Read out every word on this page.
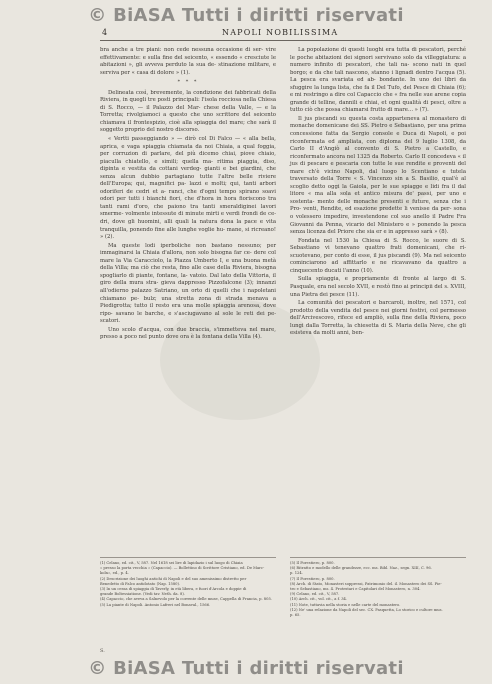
© BiASA Tutti i diritti riservati
4	NAPOLI NOBILISSIMA

bra anche a tre piani: non cede nessuna occasione di ser- vire effettivamente: e sulla fine del seicento, « essendo « cresciute le abitazioni », gli avveva perduto la sua de- stinazione militare, e serviva per « casa di dolore » (1).

* * *

Delineata così, brevemente, la condizione dei fabbricati della Riviera, in quegli tre posti principali: l'isola rocciosa nella Chiesa di S. Rocco, — il Palazzo del Mar- chese della Valle, — e la Torretta; rivolgiamoci a questo che uno scrittore del seicento chiamava il frontespizio, cioè alla spiaggia del mare; che sarà il soggetto proprio del nostro discorso.

« Vertti passeggiando » — dirò col Di Falco — « alla bella, aprica, e vaga spiaggia chiamata da noi Chiaia, a qual foggia, per corruzion di parlare, del più dicemo chiai, piove chiaio, piaculla chiatello, e simili; quella ma- ritima piaggia, diso, dipinta e vestita da cottani verdeg- gianti e bei giardini, che senza alcun dubbio partagiano tutte l'altre belle riviere dell'Europa; qui, magnifici pa- lazzi e molti; qui, tanti arbori odoriferi de cedri et a- ranci, che d'ogni tempo spirano soavi odori per tutti i bianchi fiori, che d'hora in hora fioriscono tra tanti rami d'oro, che paiono tra tanti smeraldiginei lavori smerme- volmente intessute di minute mirti e verdi frondi de ce- dri, dove gli huomini, alli quali la natura dona la pace e vita tranquilla, ponendo fine alle lunghe voglie hu- mane, si ricreano! » (2).

Ma queste lodi iperboliche non bastano nessuno; per immaginarsi la Chiaia d'allora, non solo bisogna far ce- dere col mare la Via Caracciolo, la Piazza Umberto I, e una buona metà della Villa; ma ciò che resta, fino alle case della Riviera, bisogna spogliarlo di piante, fontane, la- vatoio. Dal lato della Vittoria, il giro della mura stra- gieva dappresso Pizzofalcone (3); innanzi all'odierno palazzo Satriano, un orto di quelli che i napoletani chiamano pe- bulz; una stretta zona di strada menava a Piedigrotta; tutto il resto era una molle spiaggia arenosa, dove ripo- savano le barche, e s'asciugavano al sole le reti dei pe- scatori.

Uno scolo d'acqua, con due braccia, s'immetteva nel mare, presso a poco nel punto dove ora è la fontana della Villa (4).

La popolazione di questi luoghi era tutta di pescatori, perché le poche abitazioni dei signori servivano solo da villeggiatura: a numero infinito di pescatori, che tali na- scono nati in quel borgo; e da che tali nascono, stanno i lignadi dentro l'acqua (5). La pesca era svariata ed ab- bondante. In uno dei libri da sfuggire la lunga lista, che fa il Del Tufo, del Pesce di Chiaia (6); e mi restringo a dire col Capaccio che « fra nelle sue arene copia grande di telline, dannili e chiai, et ogni qualità di pesci, oltre a tutto ciò che possa chiamarsi frutto di mare... » (7).

Il jus piscandi su questa costa apparteneva al monastero di monache domenicane dei SS. Pietro e Sebastiano, per una prima concessione fatta da Sergio console e Duca di Napoli, e poi riconfermata ed ampliata, con diploma del 9 luglio 1308, da Carlo II d'Angiò al convento di S. Pietro a Castello, e riconfermato ancora nel 1325 da Roberto. Carlo II concedeva « il jus di pescare e pescaria con tutte le sue rendite e proventi del mare ch'è vicino Napoli, dal luogo lo Scentiano e tutela traversato della Torre « S. Vincenzo sin a S. Basilio, qual'è al scoglio detto oggi la Gaiola, per le sue spiagge e lidi fra il dal litore « ma alla sola et antico misura de' passi, per uno e sostenta- mento delle monache presenti e future, senza che i Pro- venti, Rendite, ed esazione predette li venisse da per- sona o volessero impedire, investendone col suo anello il Padre Fra Giovanni da Penna, vicario del Ministero e » ponendo la pesca senza licenza del Priore che sia er e in appresso sarà » (8).

Fondata nel 1530 la Chiesa di S. Rocco, le suore di S. Sebastiano vi tenevano quattro frati domenicani, che ri- scuotevano, per conto di esse, il jus piscandi (9). Ma nel seicento cominciarono ad affittarlo e ne ricavavano da quattro a cinquecento ducati l'anno (10).

Sulla spiaggia, e propriamente di fronte al largo di S. Pasquale, era nel secolo XVII, e restò fino ai principii del s. XVIII, una Pietra dei pesce (11).

La comunità dei pescatori e barcaroli, inoltre, nel 1571, col prodotto della vendita del pesce nei giorni festivi, col permesso dell'Arcivescovo, rifece ed ampliò, sulla fine della Riviera, poco lungi dalla Torretta, la chiesetta di S. Maria della Neve, che gli esisteva da molti anni, ben-

(1) Celano, ed. cit., V, 587. Nel 1618 sei lire di lapidazio i sul luogo di Chiaia
« presso la porta vecchia » (Capaccio). — Bollettino di Scrittore Cristiano, ed. De Marc-
koln», ed., p. 4.
(2) Descrizione dei luoghi antichi di Napoli e del suo amenissimo distretto per
Benedetto di Falco antidotato (Nap. 1580).
(3) In un cessa di spiaggia di Taverly, in età libera, e fuori d'Arcola e doppie di
grande Boltessiatione. (Vedi tav. Neth. da. 8).
(4) Capaccio, che aveva a Salnevolo per la corrente delle muse, Cappella di Francia, p. 805.
(5) La piante di Napoli. Antonio Lafreri nel Bonaval., 1566.
(5) Il Forestiero, p. 800.
(6) Ritratto e modello delle grandezze, ecc. ms. Bibl. Naz., segn. XIII, C. 96.
p. 124.
(7) Il Forestiero, p. 800.
(8) Arch. di Stato, Monasteri soppressi, Patrimonio del. il. Monastero dei SS. Pie-
tro e Sebastiano, ms. 4. Protestari e Capitolari del Monastero, n. 304.
(9) Celano, ed. cit., V, 587.
(10) Arch. cit., vol. cit., a f. 34.
(11) Note, tuttavia nella storia e nelle carte del monastero.
(12) Ne' una relazione da Napoli del sec. CX. Pasquetta, Lo storico e cultore mus.
p. 65.
S.
© BiASA Tutti i diritti riservati
